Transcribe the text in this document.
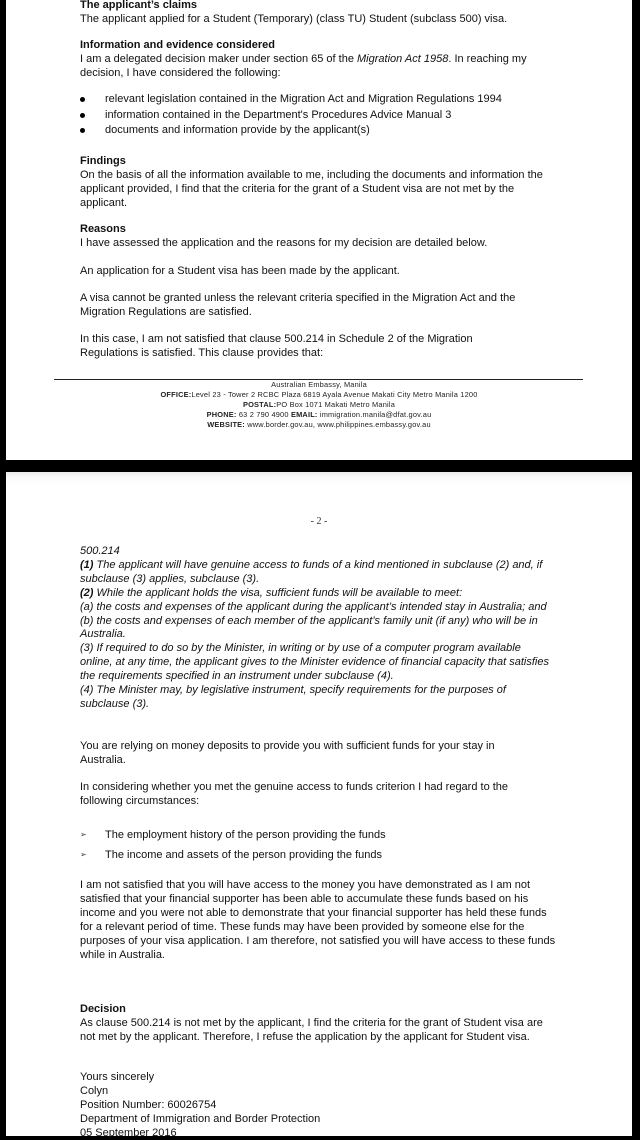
The applicant’s claims

The applicant applied for a Student (Temporary) (class TU) Student (subclass 500) visa.

Information and evidence considered

I am a delegated decision maker under section 65 of the Migration Act 1958. In reaching my decision, I have considered the following:

relevant legislation contained in the Migration Act and Migration Regulations 1994
information contained in the Department's Procedures Advice Manual 3
documents and information provide by the applicant(s)

Findings

On the basis of all the information available to me, including the documents and information the applicant provided, I find that the criteria for the grant of a Student visa are not met by the applicant.

Reasons

I have assessed the application and the reasons for my decision are detailed below.

An application for a Student visa has been made by the applicant.
A visa cannot be granted unless the relevant criteria specified in the Migration Act and the Migration Regulations are satisfied.
In this case, I am not satisfied that clause 500.214 in Schedule 2 of the Migration Regulations is satisfied. This clause provides that:
Australian Embassy, Manila
OFFICE:Level 23 - Tower 2 RCBC Plaza 6819 Ayala Avenue Makati City Metro Manila 1200
POSTAL:PO Box 1071 Makati Metro Manila
PHONE: 63 2 790 4900 EMAIL: immigration.manila@dfat.gov.au
WEBSITE: www.border.gov.au, www.philippines.embassy.gov.au
- 2 -

500.214

(1) The applicant will have genuine access to funds of a kind mentioned in subclause (2) and, if subclause (3) applies, subclause (3).

(2) While the applicant holds the visa, sufficient funds will be available to meet:

(a) the costs and expenses of the applicant during the applicant’s intended stay in Australia; and

(b) the costs and expenses of each member of the applicant’s family unit (if any) who will be in Australia.

(3) If required to do so by the Minister, in writing or by use of a computer program available online, at any time, the applicant gives to the Minister evidence of financial capacity that satisfies the requirements specified in an instrument under subclause (4).

(4) The Minister may, by legislative instrument, specify requirements for the purposes of subclause (3).

You are relying on money deposits to provide you with sufficient funds for your stay in Australia.
In considering whether you met the genuine access to funds criterion I had regard to the following circumstances:
➢	The employment history of the person providing the funds
➢	The income and assets of the person providing the funds
I am not satisfied that you will have access to the money you have demonstrated as I am not satisfied that your financial supporter has been able to accumulate these funds based on his income and you were not able to demonstrate that your financial supporter has held these funds for a relevant period of time. These funds may have been provided by someone else for the purposes of your visa application. I am therefore, not satisfied you will have access to these funds while in Australia.

Decision

As clause 500.214 is not met by the applicant, I find the criteria for the grant of Student visa are not met by the applicant. Therefore, I refuse the application by the applicant for Student visa.

Yours sincerely

Colyn

Position Number: 60026754

Department of Immigration and Border Protection

05 September 2016
